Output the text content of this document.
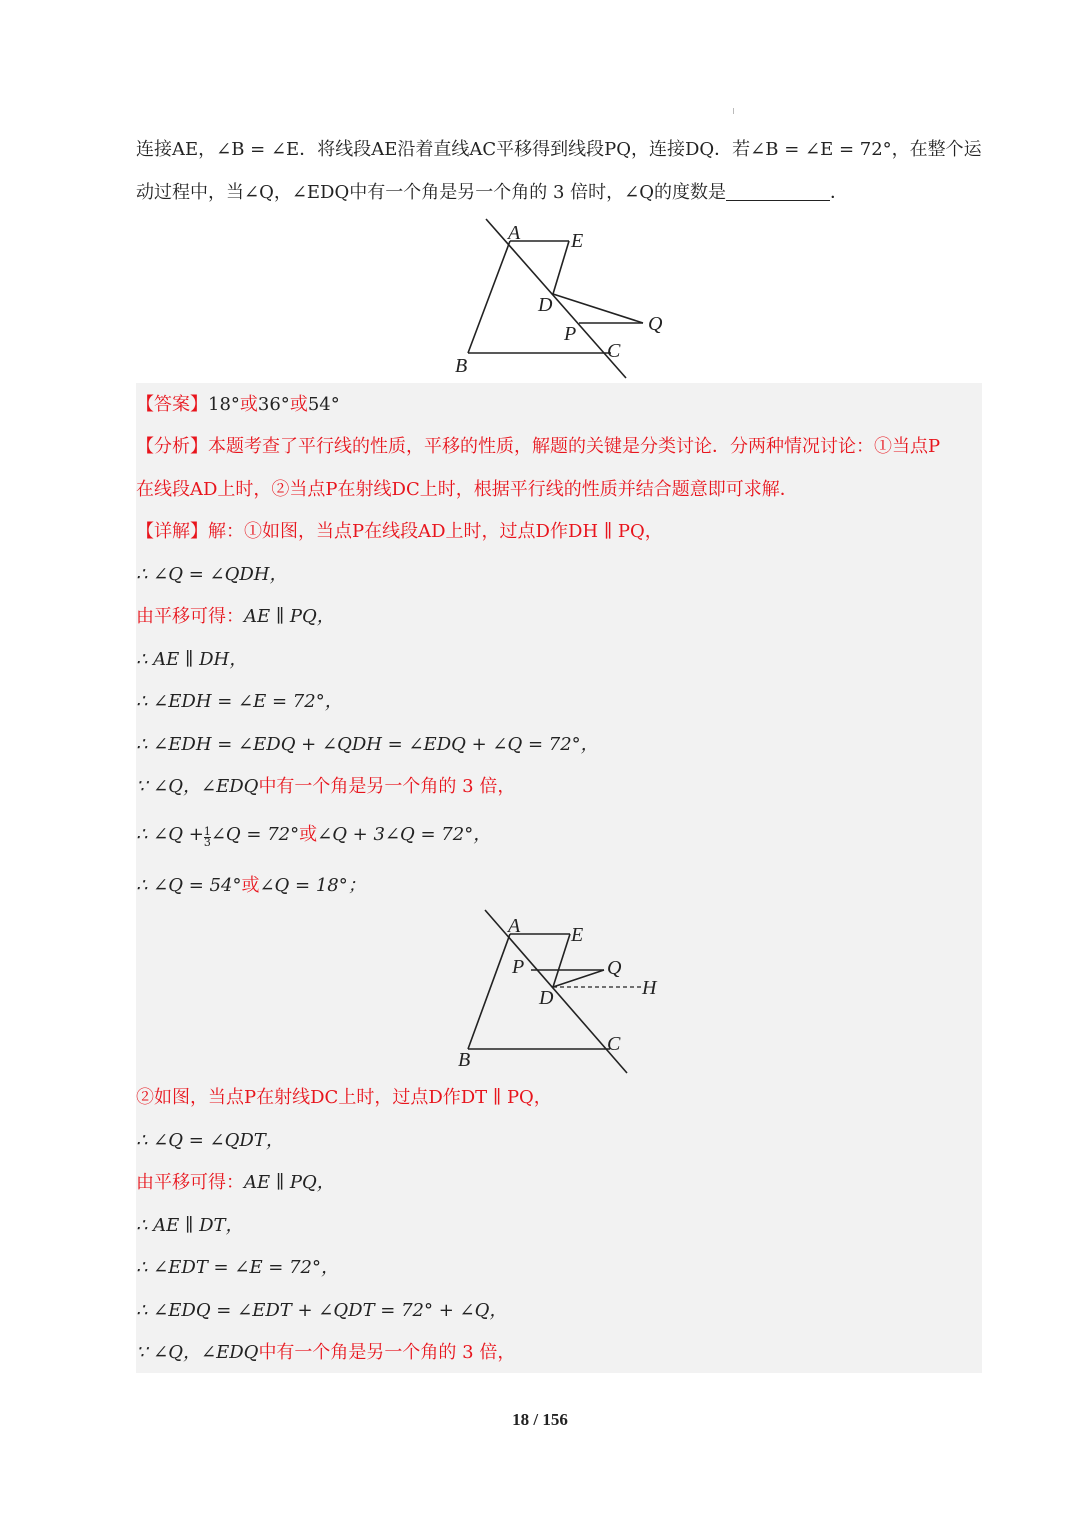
连接AE，∠B = ∠E．将线段AE沿着直线AC平移得到线段PQ，连接DQ．若∠B = ∠E = 72°，在整个运
动过程中，当∠Q，∠EDQ中有一个角是另一个角的 3 倍时，∠Q的度数是	．
A	E
D
Q
P
C
B
【答案】18°或36°或54°
【分析】本题考查了平行线的性质，平移的性质，解题的关键是分类讨论．分两种情况讨论：①当点P
在线段AD上时，②当点P在射线DC上时，根据平行线的性质并结合题意即可求解．
【详解】解：①如图，当点P在线段AD上时，过点D作DH ∥ PQ，
∴ ∠Q = ∠QDH，
由平移可得：AE ∥ PQ，
∴ AE ∥ DH，
∴ ∠EDH = ∠E = 72°，
∴ ∠EDH = ∠EDQ + ∠QDH = ∠EDQ + ∠Q = 72°，
∵ ∠Q，∠EDQ中有一个角是另一个角的 3 倍，
∴ ∠Q + $\frac{1}{3}$ ∠Q = 72°或∠Q + 3∠Q = 72°，
∴ ∠Q = 54°或∠Q = 18°；
A	E
P	Q
D	H
C
B
②如图，当点P在射线DC上时，过点D作DT ∥ PQ，
∴ ∠Q = ∠QDT，
由平移可得：AE ∥ PQ，
∴ AE ∥ DT，
∴ ∠EDT = ∠E = 72°，
∴ ∠EDQ = ∠EDT + ∠QDT = 72° + ∠Q，
∵ ∠Q，∠EDQ中有一个角是另一个角的 3 倍，
18 / 156
